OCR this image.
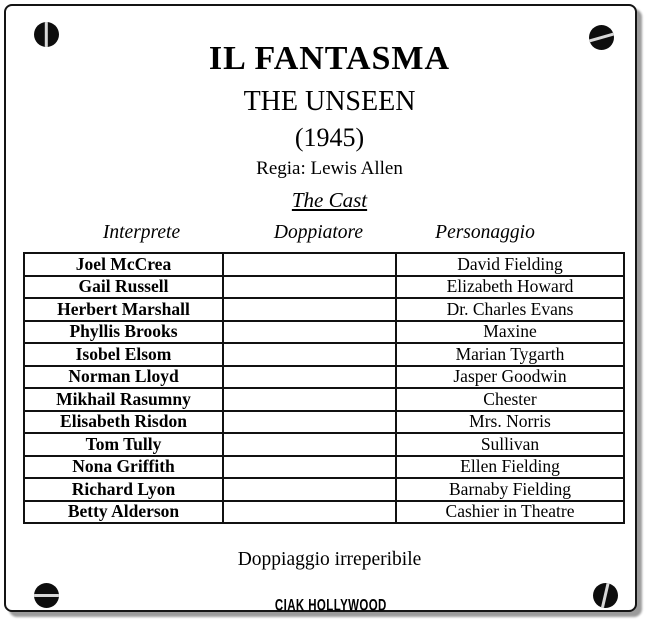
IL FANTASMA
THE UNSEEN
(1945)
Regia: Lewis Allen
The Cast
Interprete	Doppiatore	Personaggio
Joel McCrea		David Fielding
Gail Russell		Elizabeth Howard
Herbert Marshall		Dr. Charles Evans
Phyllis Brooks		Maxine
Isobel Elsom		Marian Tygarth
Norman Lloyd		Jasper Goodwin
Mikhail Rasumny		Chester
Elisabeth Risdon		Mrs. Norris
Tom Tully		Sullivan
Nona Griffith		Ellen Fielding
Richard Lyon		Barnaby Fielding
Betty Alderson		Cashier in Theatre
Doppiaggio irreperibile
CIAK HOLLYWOOD
